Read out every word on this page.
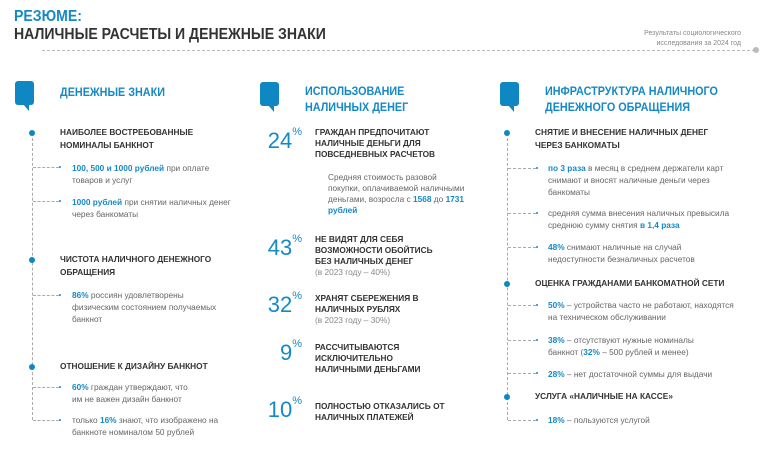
РЕЗЮМЕ:
НАЛИЧНЫЕ РАСЧЕТЫ И ДЕНЕЖНЫЕ ЗНАКИ	Результаты социологического
исследования за 2024 год
ДЕНЕЖНЫЕ ЗНАКИ
НАИБОЛЕЕ ВОСТРЕБОВАННЫЕ НОМИНАЛЫ БАНКНОТ
100, 500 и 1000 рублей при оплате товаров и услуг
1000 рублей при снятии наличных денег через банкоматы
ЧИСТОТА НАЛИЧНОГО ДЕНЕЖНОГО ОБРАЩЕНИЯ
86% россиян удовлетворены физическим состоянием получаемых банкнот
ОТНОШЕНИЕ К ДИЗАЙНУ БАНКНОТ
60% граждан утверждают, что им не важен дизайн банкнот
только 16% знают, что изображено на банкноте номиналом 50 рублей
ИСПОЛЬЗОВАНИЕ
НАЛИЧНЫХ ДЕНЕГ
24% ГРАЖДАН ПРЕДПОЧИТАЮТ НАЛИЧНЫЕ ДЕНЬГИ ДЛЯ ПОВСЕДНЕВНЫХ РАСЧЕТОВ
Средняя стоимость разовой покупки, оплачиваемой наличными деньгами, возросла с 1568 до 1731 рублей
43% НЕ ВИДЯТ ДЛЯ СЕБЯ ВОЗМОЖНОСТИ ОБОЙТИСЬ БЕЗ НАЛИЧНЫХ ДЕНЕГ
(в 2023 году – 40%)
32% ХРАНЯТ СБЕРЕЖЕНИЯ В НАЛИЧНЫХ РУБЛЯХ
(в 2023 году – 30%)
9% РАССЧИТЫВАЮТСЯ ИСКЛЮЧИТЕЛЬНО НАЛИЧНЫМИ ДЕНЬГАМИ
10% ПОЛНОСТЬЮ ОТКАЗАЛИСЬ ОТ НАЛИЧНЫХ ПЛАТЕЖЕЙ
ИНФРАСТРУКТУРА НАЛИЧНОГО
ДЕНЕЖНОГО ОБРАЩЕНИЯ
СНЯТИЕ И ВНЕСЕНИЕ НАЛИЧНЫХ ДЕНЕГ ЧЕРЕЗ БАНКОМАТЫ
по 3 раза в месяц в среднем держатели карт снимают и вносят наличные деньги через банкоматы
средняя сумма внесения наличных превысила среднюю сумму снятия в 1,4 раза
48% снимают наличные на случай недоступности безналичных расчетов
ОЦЕНКА ГРАЖДАНАМИ БАНКОМАТНОЙ СЕТИ
50% – устройства часто не работают, находятся на техническом обслуживании
38% – отсутствуют нужные номиналы банкнот (32% – 500 рублей и менее)
28% – нет достаточной суммы для выдачи
УСЛУГА «НАЛИЧНЫЕ НА КАССЕ»
18% – пользуются услугой
